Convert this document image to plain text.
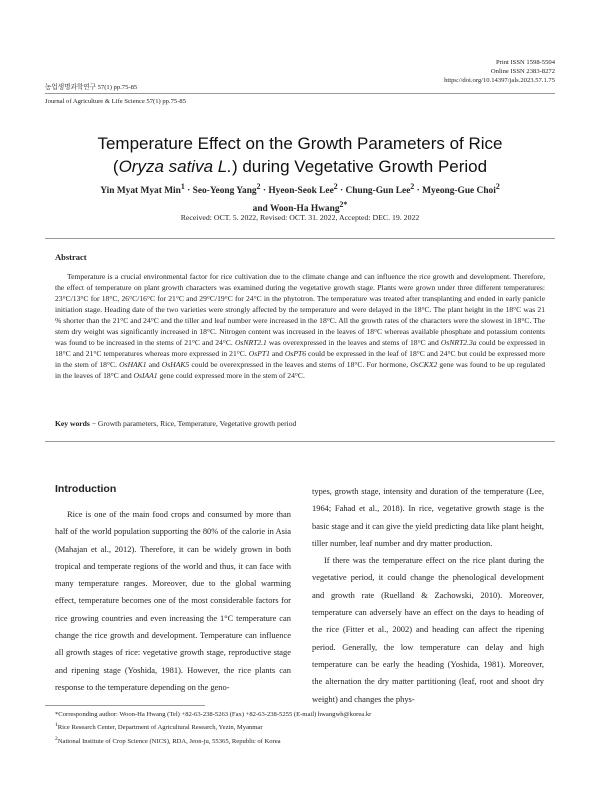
Print ISSN 1598-5504
Online ISSN 2383-8272
https://doi.org/10.14397/jals.2023.57.1.75
농업생명과학연구 57(1) pp.75-85
Journal of Agriculture & Life Science 57(1) pp.75-85
Temperature Effect on the Growth Parameters of Rice
(Oryza sativa L.) during Vegetative Growth Period
Yin Myat Myat Min$^1$ · Seo-Yeong Yang$^2$ · Hyeon-Seok Lee$^2$ · Chung-Gun Lee$^2$ · Myeong-Gue Choi$^2$
and Woon-Ha Hwang$^{2*}$
Received: OCT. 5. 2022, Revised: OCT. 31. 2022, Accepted: DEC. 19. 2022
Abstract
Temperature is a crucial environmental factor for rice cultivation due to the climate change and can influence the rice growth and development. Therefore, the effect of temperature on plant growth characters was examined during the vegetative growth stage. Plants were grown under three different temperatures: 23°C/13°C for 18°C, 26°C/16°C for 21°C and 29°C/19°C for 24°C in the phytotron. The temperature was treated after transplanting and ended in early panicle initiation stage. Heading date of the two varieties were strongly affected by the temperature and were delayed in the 18°C. The plant height in the 18°C was 21 % shorter than the 21°C and 24°C and the tiller and leaf number were increased in the 18°C. All the growth rates of the characters were the slowest in 18°C. The stem dry weight was significantly increased in 18°C. Nitrogen content was increased in the leaves of 18°C whereas available phosphate and potassium contents was found to be increased in the stems of 21°C and 24°C. OsNRT2.1 was overexpressed in the leaves and stems of 18°C and OsNRT2.3a could be expressed in 18°C and 21°C temperatures whereas more expressed in 21°C. OsPT1 and OsPT6 could be expressed in the leaf of 18°C and 24°C but could be expressed more in the stem of 18°C. OsHAK1 and OsHAK5 could be overexpressed in the leaves and stems of 18°C. For hormone, OsCKX2 gene was found to be up regulated in the leaves of 18°C and OsIAA1 gene could expressed more in the stem of 24°C.
Key words − Growth parameters, Rice, Temperature, Vegetative growth period
Introduction

Rice is one of the main food crops and consumed by more than half of the world population supporting the 80% of the calorie in Asia (Mahajan et al., 2012). Therefore, it can be widely grown in both tropical and temperate regions of the world and thus, it can face with many temperature ranges. Moreover, due to the global warming effect, temperature becomes one of the most considerable factors for rice growing countries and even increasing the 1°C temperature can change the rice growth and development. Temperature can influence all growth stages of rice: vegetative growth stage, reproductive stage and ripening stage (Yoshida, 1981). However, the rice plants can response to the temperature depending on the geno-

types, growth stage, intensity and duration of the temperature (Lee, 1964; Fahad et al., 2018). In rice, vegetative growth stage is the basic stage and it can give the yield predicting data like plant height, tiller number, leaf number and dry matter production.

If there was the temperature effect on the rice plant during the vegetative period, it could change the phenological development and growth rate (Ruelland & Zachowski, 2010). Moreover, temperature can adversely have an effect on the days to heading of the rice (Fitter et al., 2002) and heading can affect the ripening period. Generally, the low temperature can delay and high temperature can be early the heading (Yoshida, 1981). Moreover, the alternation the dry matter partitioning (leaf, root and shoot dry weight) and changes the phys-

*Corresponding author: Woon-Ha Hwang (Tel) +82-63-238-5263 (Fax) +82-63-238-5255 (E-mail) hwangwh@korea.kr
$^1$Rice Research Center, Department of Agricultural Research, Yezin, Myanmar
$^2$National Institute of Crop Science (NICS), RDA, Jeon-ju, 55365, Republic of Korea
